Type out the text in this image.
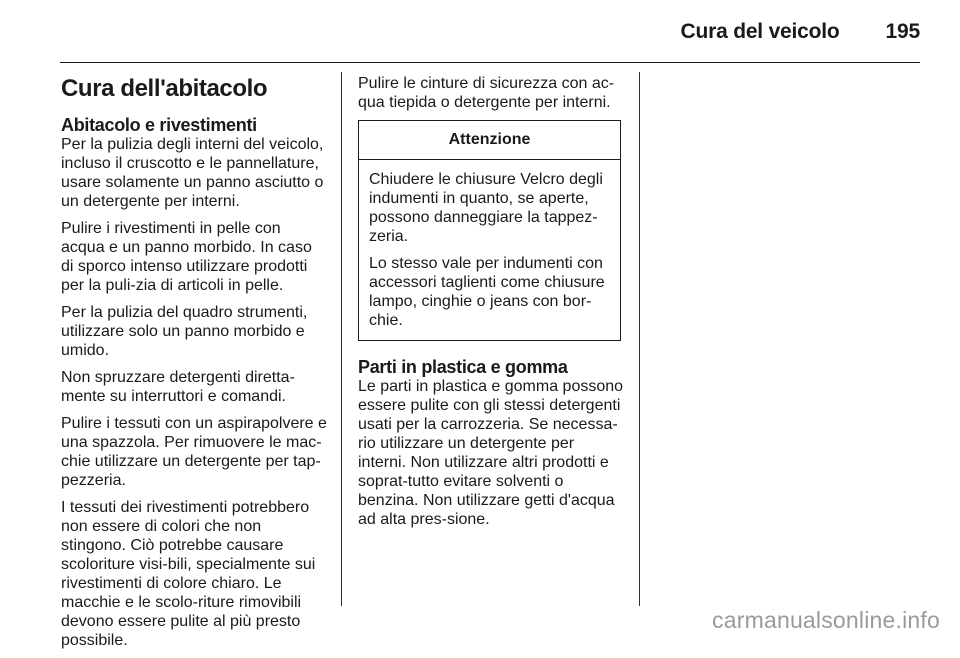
Cura del veicolo 195
Cura dell'abitacolo
Abitacolo e rivestimenti

Per la pulizia degli interni del veicolo, incluso il cruscotto e le pannellature, usare solamente un panno asciutto o un detergente per interni.

Pulire i rivestimenti in pelle con acqua e un panno morbido. In caso di sporco intenso utilizzare prodotti per la puli-zia di articoli in pelle.

Per la pulizia del quadro strumenti, utilizzare solo un panno morbido e umido.

Non spruzzare detergenti diretta-mente su interruttori e comandi.

Pulire i tessuti con un aspirapolvere e una spazzola. Per rimuovere le mac-chie utilizzare un detergente per tap-pezzeria.

I tessuti dei rivestimenti potrebbero non essere di colori che non stingono. Ciò potrebbe causare scoloriture visi-bili, specialmente sui rivestimenti di colore chiaro. Le macchie e le scolo-riture rimovibili devono essere pulite al più presto possibile.

Pulire le cinture di sicurezza con ac-qua tiepida o detergente per interni.

Attenzione

Chiudere le chiusure Velcro degli indumenti in quanto, se aperte, possono danneggiare la tappez-zeria.

Lo stesso vale per indumenti con accessori taglienti come chiusure lampo, cinghie o jeans con bor-chie.

Parti in plastica e gomma

Le parti in plastica e gomma possono essere pulite con gli stessi detergenti usati per la carrozzeria. Se necessa-rio utilizzare un detergente per interni. Non utilizzare altri prodotti e soprat-tutto evitare solventi o benzina. Non utilizzare getti d'acqua ad alta pres-sione.

carmanualsonline.info
